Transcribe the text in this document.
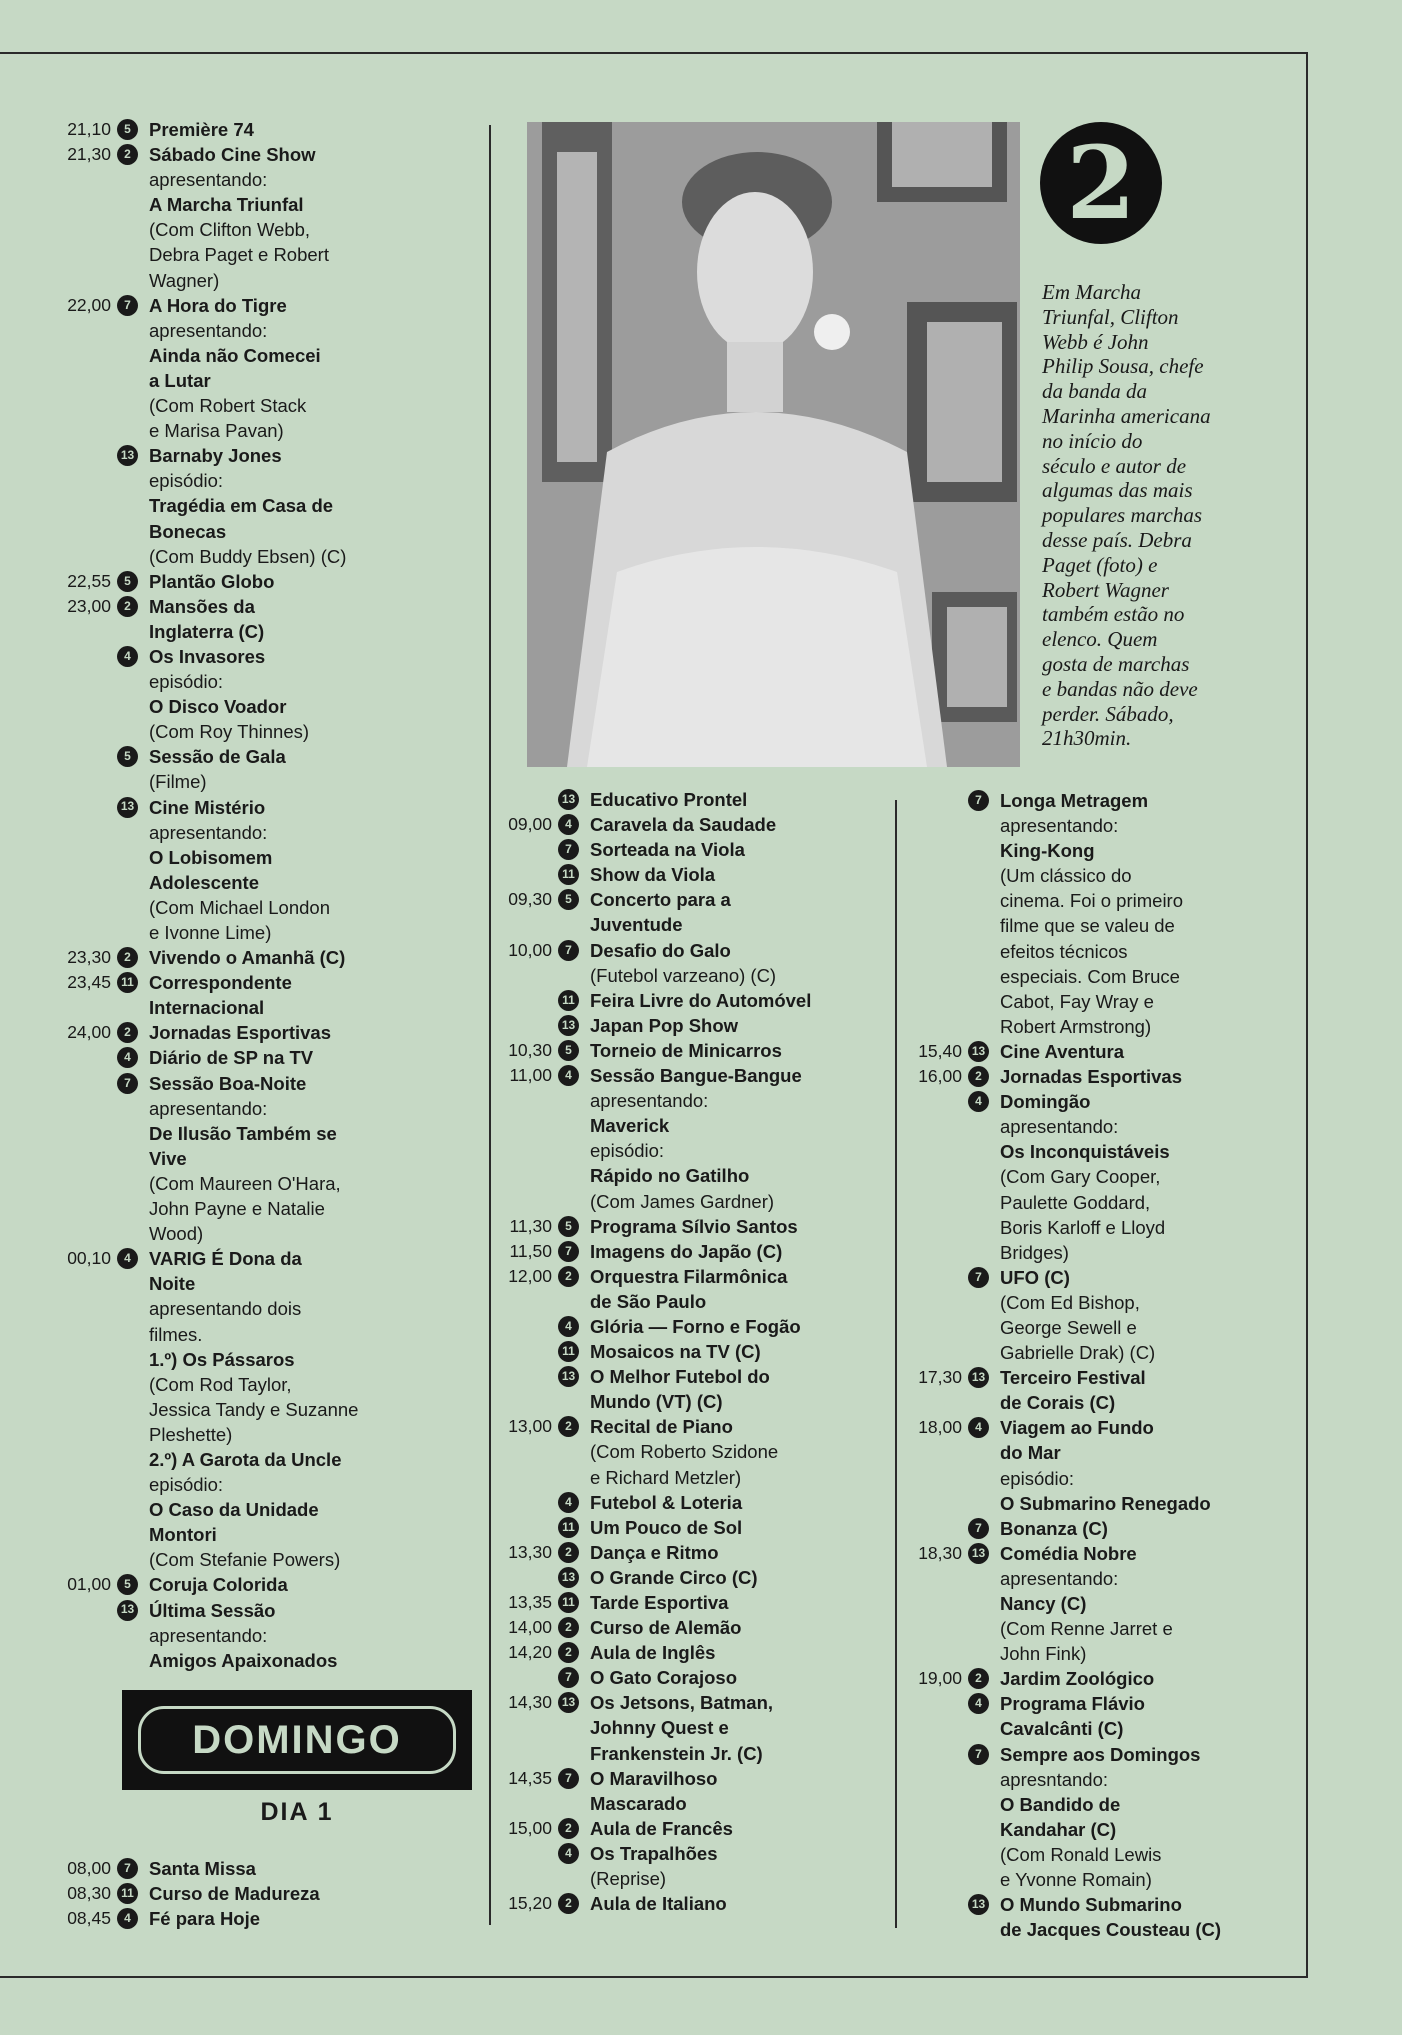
21,10	5 Première 74
21,30	2 Sábado Cine Show
apresentando:
A Marcha Triunfal
(Com Clifton Webb,
Debra Paget e Robert
Wagner)
22,00	7 A Hora do Tigre
apresentando:
Ainda não Comecei
a Lutar
(Com Robert Stack
e Marisa Pavan)
13 Barnaby Jones
episódio:
Tragédia em Casa de
Bonecas
(Com Buddy Ebsen) (C)
22,55	5 Plantão Globo
23,00	2 Mansões da
Inglaterra (C)
4 Os Invasores
episódio:
O Disco Voador
(Com Roy Thinnes)
5 Sessão de Gala
(Filme)
13 Cine Mistério
apresentando:
O Lobisomem
Adolescente
(Com Michael London
e Ivonne Lime)
23,30	2 Vivendo o Amanhã (C)
23,45 11 Correspondente
Internacional
24,00	2 Jornadas Esportivas
4 Diário de SP na TV
7 Sessão Boa-Noite
apresentando:
De Ilusão Também se
Vive
(Com Maureen O'Hara,
John Payne e Natalie
Wood)
00,10	4 VARIG É Dona da
Noite
apresentando dois
filmes.
1.º) Os Pássaros
(Com Rod Taylor,
Jessica Tandy e Suzanne
Pleshette)
2.º) A Garota da Uncle
episódio:
O Caso da Unidade
Montori
(Com Stefanie Powers)
01,00	5 Coruja Colorida
13 Última Sessão
apresentando:
Amigos Apaixonados
08,00	7 Santa Missa
08,30 11 Curso de Madureza
08,45	4 Fé para Hoje
13 Educativo Prontel
09,00	4 Caravela da Saudade
7 Sorteada na Viola
11 Show da Viola
09,30	5 Concerto para a
Juventude
10,00	7 Desafio do Galo
(Futebol varzeano) (C)
11 Feira Livre do Automóvel
13 Japan Pop Show
10,30	5 Torneio de Minicarros
11,00	4 Sessão Bangue-Bangue
apresentando:
Maverick
episódio:
Rápido no Gatilho
(Com James Gardner)
11,30	5 Programa Sílvio Santos
11,50	7 Imagens do Japão (C)
12,00	2 Orquestra Filarmônica
de São Paulo
4 Glória — Forno e Fogão
11 Mosaicos na TV (C)
13 O Melhor Futebol do
Mundo (VT) (C)
13,00	2 Recital de Piano
(Com Roberto Szidone
e Richard Metzler)
4 Futebol & Loteria
11 Um Pouco de Sol
13,30	2 Dança e Ritmo
13 O Grande Circo (C)
13,35 11 Tarde Esportiva
14,00	2 Curso de Alemão
14,20	2 Aula de Inglês
7 O Gato Corajoso
14,30 13 Os Jetsons, Batman,
Johnny Quest e
Frankenstein Jr. (C)
14,35	7 O Maravilhoso
Mascarado
15,00	2 Aula de Francês
4 Os Trapalhões
(Reprise)
15,20	2 Aula de Italiano
7 Longa Metragem
apresentando:
King-Kong
(Um clássico do
cinema. Foi o primeiro
filme que se valeu de
efeitos técnicos
especiais. Com Bruce
Cabot, Fay Wray e
Robert Armstrong)
15,40 13 Cine Aventura
16,00	2 Jornadas Esportivas
4 Domingão
apresentando:
Os Inconquistáveis
(Com Gary Cooper,
Paulette Goddard,
Boris Karloff e Lloyd
Bridges)
7 UFO (C)
(Com Ed Bishop,
George Sewell e
Gabrielle Drak) (C)
17,30 13 Terceiro Festival
de Corais (C)
18,00	4 Viagem ao Fundo
do Mar
episódio:
O Submarino Renegado
7 Bonanza (C)
18,30 13 Comédia Nobre
apresentando:
Nancy (C)
(Com Renne Jarret e
John Fink)
19,00	2 Jardim Zoológico
4 Programa Flávio
Cavalcânti (C)
7 Sempre aos Domingos
apresntando:
O Bandido de
Kandahar (C)
(Com Ronald Lewis
e Yvonne Romain)
13 O Mundo Submarino
de Jacques Cousteau (C)
2
Em Marcha
Triunfal, Clifton
Webb é John
Philip Sousa, chefe
da banda da
Marinha americana
no início do
século e autor de
algumas das mais
populares marchas
desse país. Debra
Paget (foto) e
Robert Wagner
também estão no
elenco. Quem
gosta de marchas
e bandas não deve
perder. Sábado,
21h30min.
DOMINGO
DIA 1
